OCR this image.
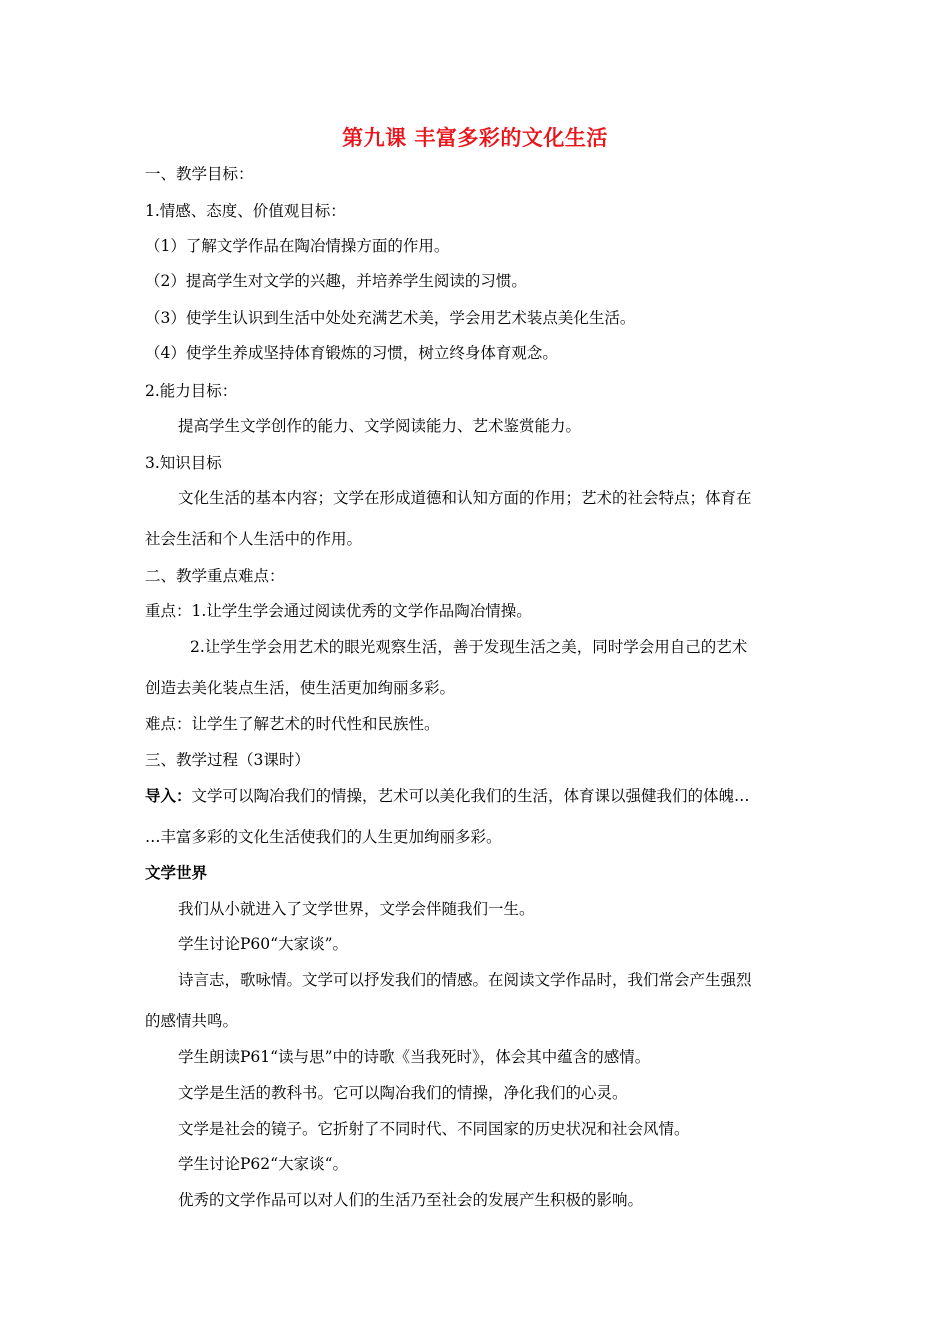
第九课 丰富多彩的文化生活
一、教学目标：
1.情感、态度、价值观目标：
（1）了解文学作品在陶冶情操方面的作用。
（2）提高学生对文学的兴趣，并培养学生阅读的习惯。
（3）使学生认识到生活中处处充满艺术美，学会用艺术装点美化生活。
（4）使学生养成坚持体育锻炼的习惯，树立终身体育观念。
2.能力目标：
提高学生文学创作的能力、文学阅读能力、艺术鉴赏能力。
3.知识目标
文化生活的基本内容；文学在形成道德和认知方面的作用；艺术的社会特点；体育在
社会生活和个人生活中的作用。
二、教学重点难点：
重点：1.让学生学会通过阅读优秀的文学作品陶冶情操。
2.让学生学会用艺术的眼光观察生活，善于发现生活之美，同时学会用自己的艺术
创造去美化装点生活，使生活更加绚丽多彩。
难点：让学生了解艺术的时代性和民族性。
三、教学过程（3课时）
导入：文学可以陶冶我们的情操，艺术可以美化我们的生活，体育课以强健我们的体魄…
…丰富多彩的文化生活使我们的人生更加绚丽多彩。
文学世界
我们从小就进入了文学世界，文学会伴随我们一生。
学生讨论P60“大家谈”。
诗言志，歌咏情。文学可以抒发我们的情感。在阅读文学作品时，我们常会产生强烈
的感情共鸣。
学生朗读P61“读与思”中的诗歌《当我死时》，体会其中蕴含的感情。
文学是生活的教科书。它可以陶冶我们的情操，净化我们的心灵。
文学是社会的镜子。它折射了不同时代、不同国家的历史状况和社会风情。
学生讨论P62“大家谈“。
优秀的文学作品可以对人们的生活乃至社会的发展产生积极的影响。
